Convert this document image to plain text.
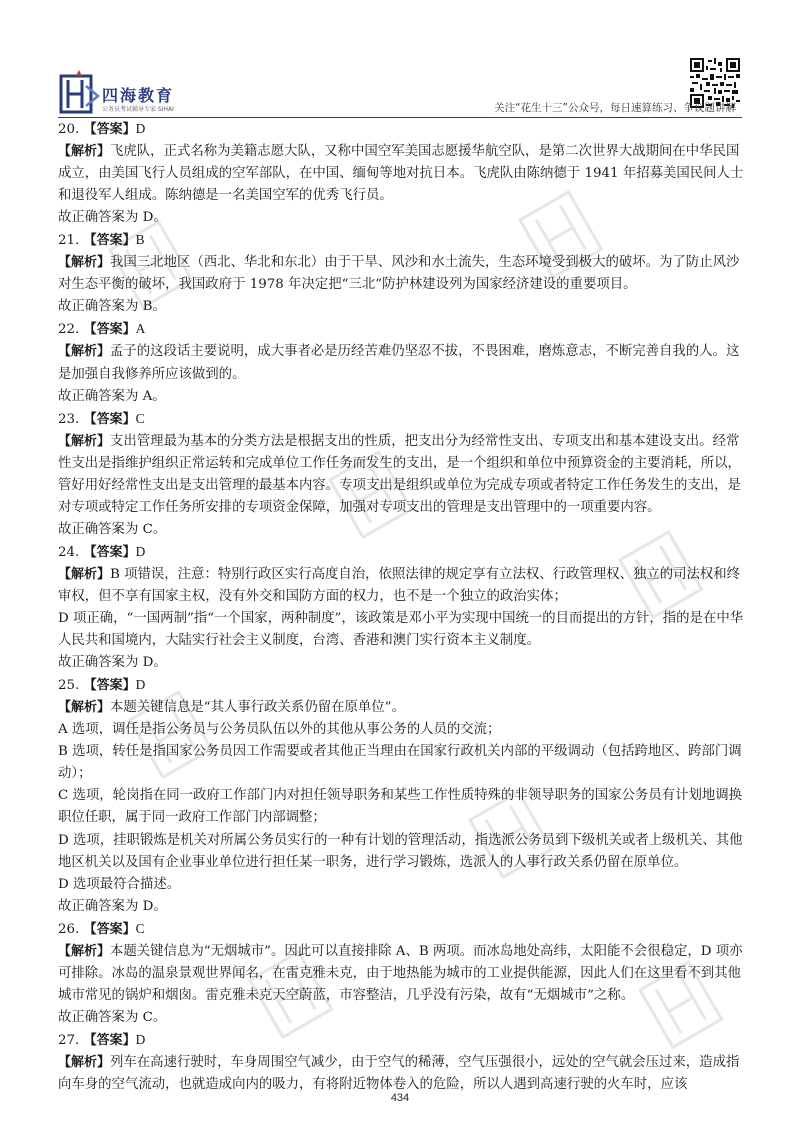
四海教育
公务员考试辅导专家 SIHAI	关注“花生十三”公众号，每日速算练习、争议题讲解

20. 【答案】D

【解析】飞虎队，正式名称为美籍志愿大队，又称中国空军美国志愿援华航空队，是第二次世界大战期间在中华民国成立，由美国飞行人员组成的空军部队，在中国、缅甸等地对抗日本。飞虎队由陈纳德于 1941 年招募美国民间人士和退役军人组成。陈纳德是一名美国空军的优秀飞行员。

故正确答案为 D。

21. 【答案】B

【解析】我国三北地区（西北、华北和东北）由于干旱、风沙和水土流失，生态环境受到极大的破坏。为了防止风沙对生态平衡的破坏，我国政府于 1978 年决定把“三北”防护林建设列为国家经济建设的重要项目。

故正确答案为 B。

22. 【答案】A

【解析】孟子的这段话主要说明，成大事者必是历经苦难仍坚忍不拔，不畏困难，磨炼意志，不断完善自我的人。这是加强自我修养所应该做到的。

故正确答案为 A。

23. 【答案】C

【解析】支出管理最为基本的分类方法是根据支出的性质，把支出分为经常性支出、专项支出和基本建设支出。经常性支出是指维护组织正常运转和完成单位工作任务而发生的支出，是一个组织和单位中预算资金的主要消耗，所以，管好用好经常性支出是支出管理的最基本内容。专项支出是组织或单位为完成专项或者特定工作任务发生的支出，是对专项或特定工作任务所安排的专项资金保障，加强对专项支出的管理是支出管理中的一项重要内容。

故正确答案为 C。

24. 【答案】D

【解析】B 项错误，注意：特别行政区实行高度自治，依照法律的规定享有立法权、行政管理权、独立的司法权和终审权，但不享有国家主权，没有外交和国防方面的权力，也不是一个独立的政治实体；

D 项正确，“一国两制”指“一个国家，两种制度”，该政策是邓小平为实现中国统一的目而提出的方针，指的是在中华人民共和国境内，大陆实行社会主义制度，台湾、香港和澳门实行资本主义制度。

故正确答案为 D。

25. 【答案】D

【解析】本题关键信息是“其人事行政关系仍留在原单位”。

A 选项，调任是指公务员与公务员队伍以外的其他从事公务的人员的交流；

B 选项，转任是指国家公务员因工作需要或者其他正当理由在国家行政机关内部的平级调动（包括跨地区、跨部门调动）；

C 选项，轮岗指在同一政府工作部门内对担任领导职务和某些工作性质特殊的非领导职务的国家公务员有计划地调换职位任职，属于同一政府工作部门内部调整；

D 选项，挂职锻炼是机关对所属公务员实行的一种有计划的管理活动，指选派公务员到下级机关或者上级机关、其他地区机关以及国有企业事业单位进行担任某一职务，进行学习锻炼，选派人的人事行政关系仍留在原单位。

D 选项最符合描述。

故正确答案为 D。

26. 【答案】C

【解析】本题关键信息为“无烟城市”。因此可以直接排除 A、B 两项。而冰岛地处高纬，太阳能不会很稳定，D 项亦可排除。冰岛的温泉景观世界闻名，在雷克雅未克，由于地热能为城市的工业提供能源，因此人们在这里看不到其他城市常见的锅炉和烟囱。雷克雅未克天空蔚蓝，市容整洁，几乎没有污染，故有“无烟城市”之称。

故正确答案为 C。

27. 【答案】D

【解析】列车在高速行驶时，车身周围空气减少，由于空气的稀薄，空气压强很小，远处的空气就会压过来，造成指向车身的空气流动，也就造成向内的吸力，有将附近物体卷入的危险，所以人遇到高速行驶的火车时，应该

434
